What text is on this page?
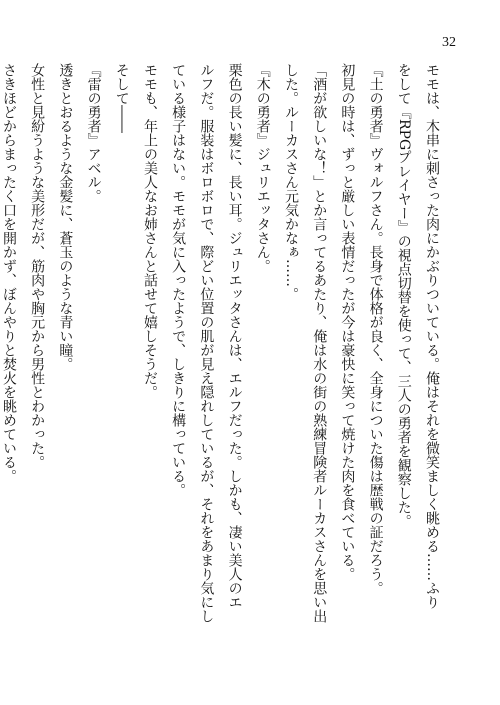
32
モモは、木串に刺さった肉にかぶりついている。俺はそれを微笑ましく眺める……ふり
をして『RPGプレイヤー』の視点切替を使って、三人の勇者を観察した。
『土の勇者』ヴォルフさん。長身で体格が良く、全身についた傷は歴戦の証だろう。
初見の時は、ずっと厳しい表情だったが今は豪快に笑って焼けた肉を食べている。
「酒が欲しいな！」とか言ってるあたり、俺は水の街の熟練冒険者ルーカスさんを思い出
した。ルーカスさん元気かなぁ……。
『木の勇者』ジュリエッタさん。
栗色の長い髪に、長い耳。ジュリエッタさんは、エルフだった。しかも、凄い美人のエ
ルフだ。服装はボロボロで、際どい位置の肌が見え隠れしているが、それをあまり気にし
ている様子はない。モモが気に入ったようで、しきりに構っている。
モモも、年上の美人なお姉さんと話せて嬉しそうだ。
そして――
『雷の勇者』アベル。
透きとおるような金髪に、蒼玉のような青い瞳。
女性と見紛うような美形だが、筋肉や胸元から男性とわかった。
さきほどからまったく口を開かず、ぼんやりと焚火を眺めている。
